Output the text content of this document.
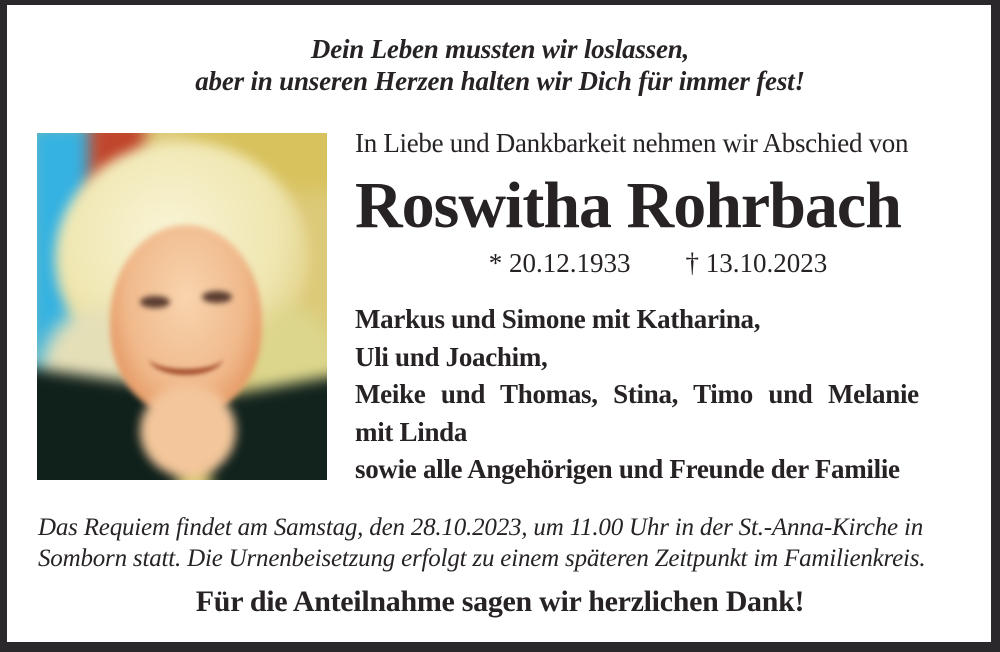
Dein Leben mussten wir loslassen,
aber in unseren Herzen halten wir Dich für immer fest!
In Liebe und Dankbarkeit nehmen wir Abschied von
Roswitha Rohrbach
* 20.12.1933 † 13.10.2023
Markus und Simone mit Katharina,
Uli und Joachim,
Meike und Thomas, Stina, Timo und Melanie
mit Linda
sowie alle Angehörigen und Freunde der Familie
Das Requiem findet am Samstag, den 28.10.2023, um 11.00 Uhr in der St.-Anna-Kirche in
Somborn statt. Die Urnenbeisetzung erfolgt zu einem späteren Zeitpunkt im Familienkreis.
Für die Anteilnahme sagen wir herzlichen Dank!
